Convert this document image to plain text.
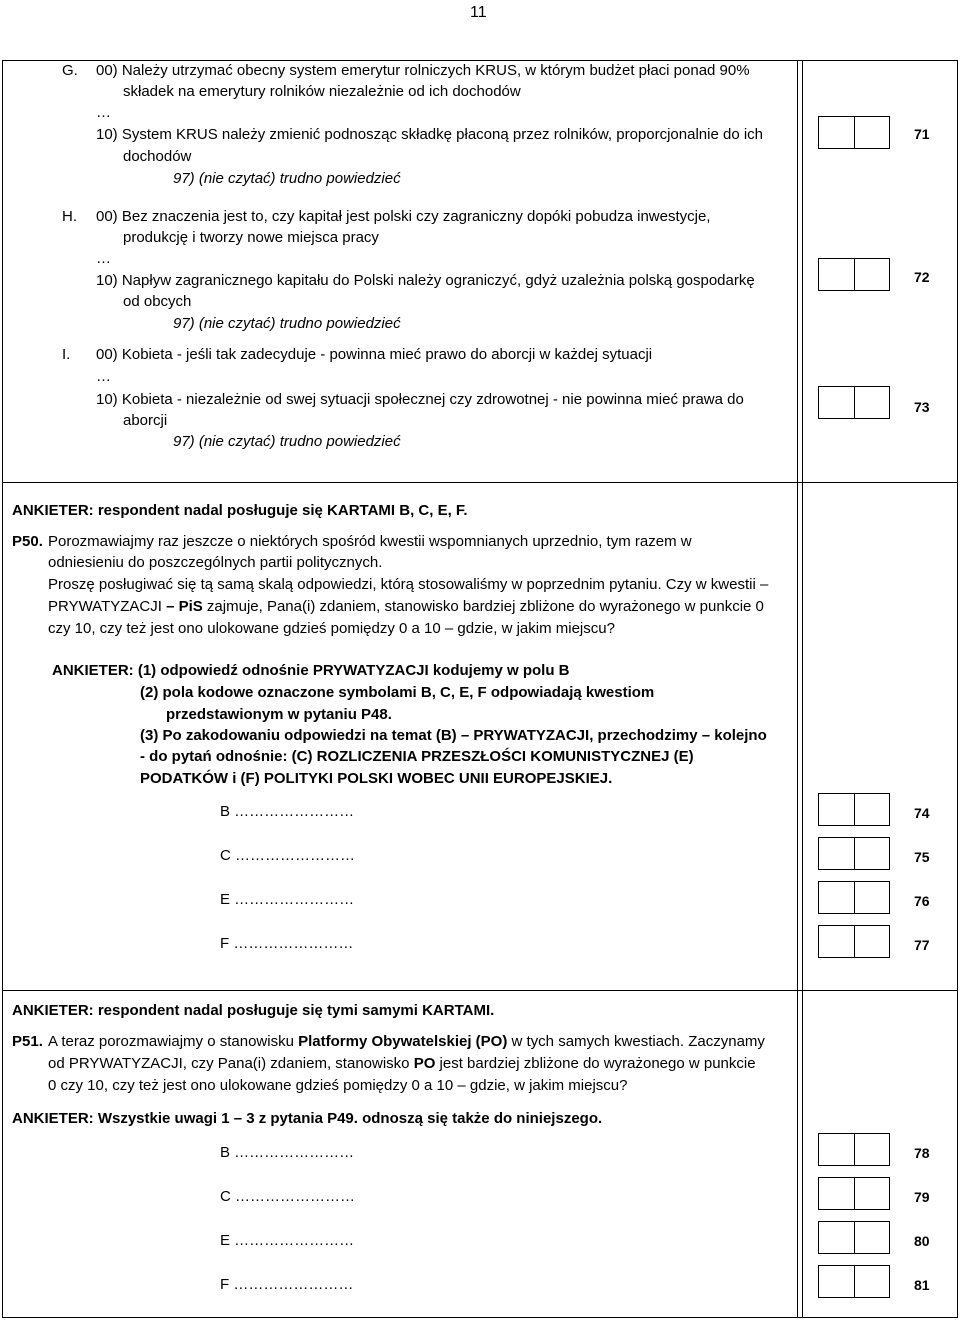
11
G. 00) Należy utrzymać obecny system emerytur rolniczych KRUS, w którym budżet płaci ponad 90%
składek na emerytury rolników niezależnie od ich dochodów
…
10) System KRUS należy zmienić podnosząc składkę płaconą przez rolników, proporcjonalnie do ich
dochodów
97) (nie czytać) trudno powiedzieć
71
H. 00) Bez znaczenia jest to, czy kapitał jest polski czy zagraniczny dopóki pobudza inwestycje,
produkcję i tworzy nowe miejsca pracy
…
10) Napływ zagranicznego kapitału do Polski należy ograniczyć, gdyż uzależnia polską gospodarkę
od obcych
97) (nie czytać) trudno powiedzieć
72
I. 00) Kobieta - jeśli tak zadecyduje - powinna mieć prawo do aborcji w każdej sytuacji
…
10) Kobieta - niezależnie od swej sytuacji społecznej czy zdrowotnej - nie powinna mieć prawa do
aborcji
97) (nie czytać) trudno powiedzieć
73
ANKIETER: respondent nadal posługuje się KARTAMI B, C, E, F.
P50. Porozmawiajmy raz jeszcze o niektórych spośród kwestii wspomnianych uprzednio, tym razem w
odniesieniu do poszczególnych partii politycznych.
Proszę posługiwać się tą samą skalą odpowiedzi, którą stosowaliśmy w poprzednim pytaniu. Czy w kwestii –
PRYWATYZACJI – PiS zajmuje, Pana(i) zdaniem, stanowisko bardziej zbliżone do wyrażonego w punkcie 0
czy 10, czy też jest ono ulokowane gdzieś pomiędzy 0 a 10 – gdzie, w jakim miejscu?
ANKIETER: (1) odpowiedź odnośnie PRYWATYZACJI kodujemy w polu B
(2) pola kodowe oznaczone symbolami B, C, E, F odpowiadają kwestiom
przedstawionym w pytaniu P48.
(3) Po zakodowaniu odpowiedzi na temat (B) – PRYWATYZACJI, przechodzimy – kolejno
- do pytań odnośnie: (C) ROZLICZENIA PRZESZŁOŚCI KOMUNISTYCZNEJ (E)
PODATKÓW i (F) POLITYKI POLSKI WOBEC UNII EUROPEJSKIEJ.
B ……………………	74
C ……………………	75
E ……………………	76
F ……………………	77
ANKIETER: respondent nadal posługuje się tymi samymi KARTAMI.
P51. A teraz porozmawiajmy o stanowisku Platformy Obywatelskiej (PO) w tych samych kwestiach. Zaczynamy
od PRYWATYZACJI, czy Pana(i) zdaniem, stanowisko PO jest bardziej zbliżone do wyrażonego w punkcie
0 czy 10, czy też jest ono ulokowane gdzieś pomiędzy 0 a 10 – gdzie, w jakim miejscu?
ANKIETER: Wszystkie uwagi 1 – 3 z pytania P49. odnoszą się także do niniejszego.
B ……………………	78
C ……………………	79
E ……………………	80
F ……………………	81
